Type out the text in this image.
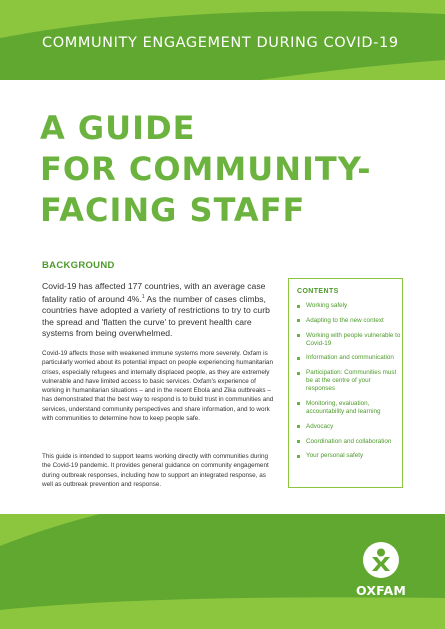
COMMUNITY ENGAGEMENT DURING COVID-19
A GUIDE
FOR COMMUNITY-
FACING STAFF
BACKGROUND

Covid-19 has affected 177 countries, with an average case fatality ratio of around 4%.$^1$ As the number of cases climbs, countries have adopted a variety of restrictions to try to curb the spread and 'flatten the curve' to prevent health care systems from being overwhelmed.

Covid-19 affects those with weakened immune systems more severely. Oxfam is particularly worried about its potential impact on people experiencing humanitarian crises, especially refugees and internally displaced people, as they are extremely vulnerable and have limited access to basic services. Oxfam's experience of working in humanitarian situations – and in the recent Ebola and Zika outbreaks – has demonstrated that the best way to respond is to build trust in communities and services, understand community perspectives and share information, and to work with communities to determine how to keep people safe.

This guide is intended to support teams working directly with communities during the Covid-19 pandemic. It provides general guidance on community engagement during outbreak responses, including how to support an integrated response, as well as outbreak prevention and response.

CONTENTS
Working safely
Adapting to the new context
Working with people vulnerable to Covid-19
Information and communication
Participation: Communities must be at the centre of your responses
Monitoring, evaluation, accountability and learning
Advocacy
Coordination and collaboration
Your personal safety
OXFAM
